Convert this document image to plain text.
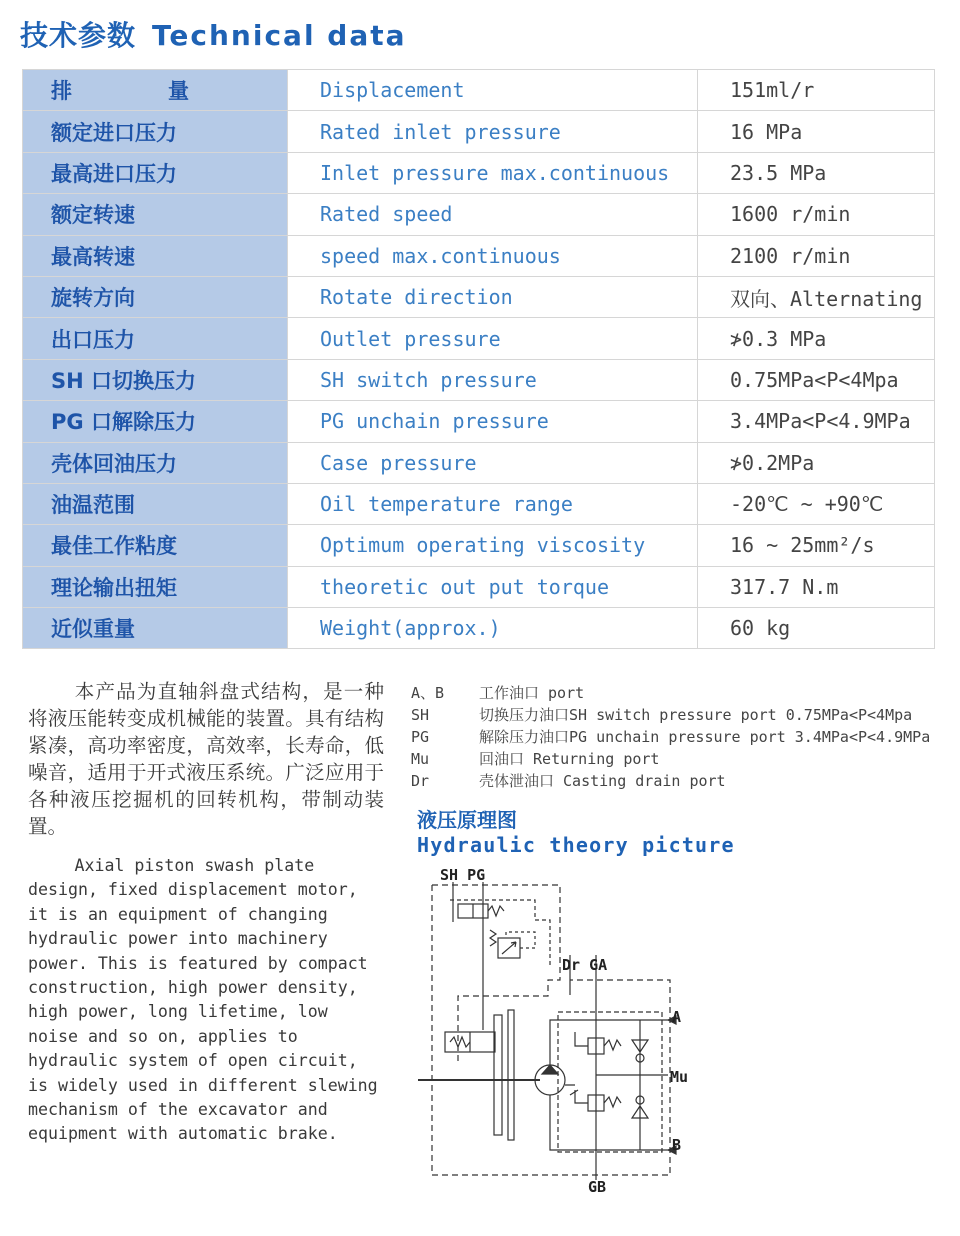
技术参数 Technical data
排量	Displacement	151ml/r
额定进口压力	Rated inlet pressure	16 MPa
最高进口压力	Inlet pressure max.continuous	23.5 MPa
额定转速	Rated speed	1600 r/min
最高转速	speed max.continuous	2100 r/min
旋转方向	Rotate direction	双向、Alternating
出口压力	Outlet pressure	≯0.3 MPa
SH 口切换压力	SH switch pressure	0.75MPa<P<4Mpa
PG 口解除压力	PG unchain pressure	3.4MPa<P<4.9MPa
壳体回油压力	Case pressure	≯0.2MPa
油温范围	Oil temperature range	-20℃ ~ +90℃
最佳工作粘度	Optimum operating viscosity	16 ~ 25mm²/s
理论输出扭矩	theoretic out put torque	317.7 N.m
近似重量	Weight(approx.)	60 kg

本产品为直轴斜盘式结构，是一种将液压能转变成机械能的装置。具有结构紧凑，高功率密度，高效率，长寿命，低噪音，适用于开式液压系统。广泛应用于各种液压挖掘机的回转机构，带制动装置。

Axial piston swash plate design, fixed displacement motor, it is an equipment of changing hydraulic power into machinery power. This is featured by compact construction, high power density, high power, long lifetime, low noise and so on, applies to hydraulic system of open circuit, is widely used in different slewing mechanism of the excavator and equipment with automatic brake.

A、B 工作油口 port
SH	切换压力油口SH switch pressure port 0.75MPa<P<4Mpa
PG	解除压力油口PG unchain pressure port 3.4MPa<P<4.9MPa
Mu	回油口 Returning port
Dr	壳体泄油口 Casting drain port
液压原理图
Hydraulic theory picture
SH PG
Dr GA
A
Mu
B
GB
